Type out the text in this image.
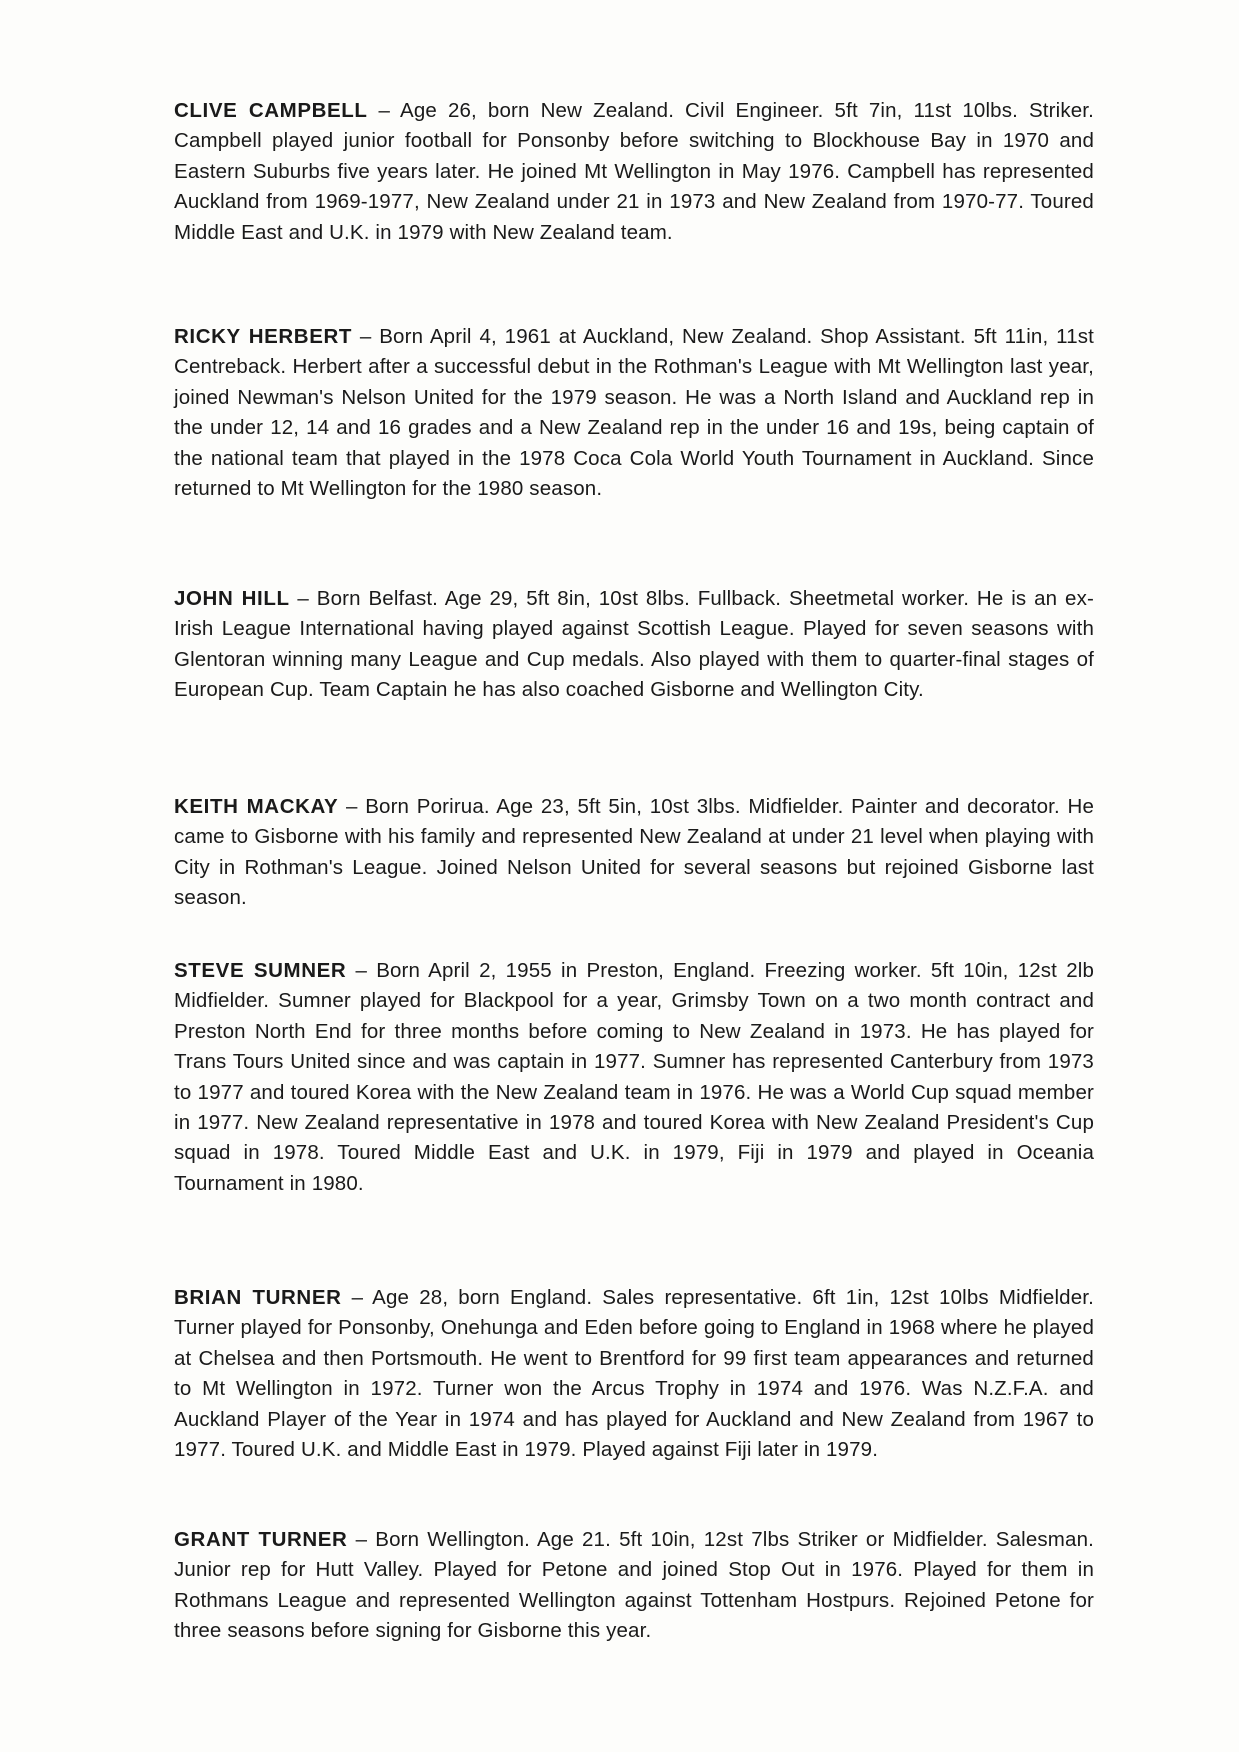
CLIVE CAMPBELL – Age 26, born New Zealand. Civil Engineer. 5ft 7in, 11st 10lbs. Striker. Campbell played junior football for Ponsonby before switching to Blockhouse Bay in 1970 and Eastern Suburbs five years later. He joined Mt Wellington in May 1976. Campbell has represented Auckland from 1969-1977, New Zealand under 21 in 1973 and New Zealand from 1970-77. Toured Middle East and U.K. in 1979 with New Zealand team.

RICKY HERBERT – Born April 4, 1961 at Auckland, New Zealand. Shop Assistant. 5ft 11in, 11st Centreback. Herbert after a successful debut in the Rothman's League with Mt Wellington last year, joined Newman's Nelson United for the 1979 season. He was a North Island and Auckland rep in the under 12, 14 and 16 grades and a New Zealand rep in the under 16 and 19s, being captain of the national team that played in the 1978 Coca Cola World Youth Tournament in Auckland. Since returned to Mt Wellington for the 1980 season.

JOHN HILL – Born Belfast. Age 29, 5ft 8in, 10st 8lbs. Fullback. Sheetmetal worker. He is an ex-Irish League International having played against Scottish League. Played for seven seasons with Glentoran winning many League and Cup medals. Also played with them to quarter-final stages of European Cup. Team Captain he has also coached Gisborne and Wellington City.

KEITH MACKAY – Born Porirua. Age 23, 5ft 5in, 10st 3lbs. Midfielder. Painter and decorator. He came to Gisborne with his family and represented New Zealand at under 21 level when playing with City in Rothman's League. Joined Nelson United for several seasons but rejoined Gisborne last season.

STEVE SUMNER – Born April 2, 1955 in Preston, England. Freezing worker. 5ft 10in, 12st 2lb Midfielder. Sumner played for Blackpool for a year, Grimsby Town on a two month contract and Preston North End for three months before coming to New Zealand in 1973. He has played for Trans Tours United since and was captain in 1977. Sumner has represented Canterbury from 1973 to 1977 and toured Korea with the New Zealand team in 1976. He was a World Cup squad member in 1977. New Zealand representative in 1978 and toured Korea with New Zealand President's Cup squad in 1978. Toured Middle East and U.K. in 1979, Fiji in 1979 and played in Oceania Tournament in 1980.

BRIAN TURNER – Age 28, born England. Sales representative. 6ft 1in, 12st 10lbs Midfielder. Turner played for Ponsonby, Onehunga and Eden before going to England in 1968 where he played at Chelsea and then Portsmouth. He went to Brentford for 99 first team appearances and returned to Mt Wellington in 1972. Turner won the Arcus Trophy in 1974 and 1976. Was N.Z.F.A. and Auckland Player of the Year in 1974 and has played for Auckland and New Zealand from 1967 to 1977. Toured U.K. and Middle East in 1979. Played against Fiji later in 1979.

GRANT TURNER – Born Wellington. Age 21. 5ft 10in, 12st 7lbs Striker or Midfielder. Salesman. Junior rep for Hutt Valley. Played for Petone and joined Stop Out in 1976. Played for them in Rothmans League and represented Wellington against Tottenham Hostpurs. Rejoined Petone for three seasons before signing for Gisborne this year.
